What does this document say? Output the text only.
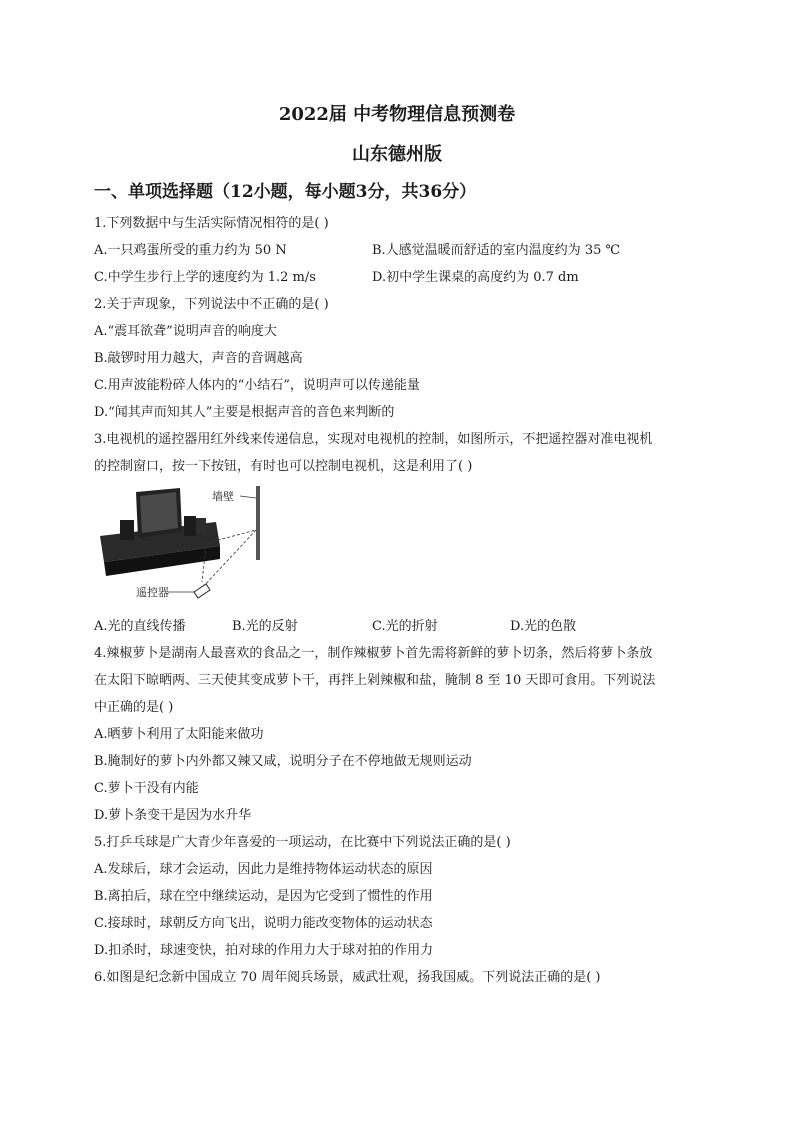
2022届 中考物理信息预测卷
山东德州版
一、单项选择题（12小题，每小题3分，共36分）
1.下列数据中与生活实际情况相符的是( )
A.一只鸡蛋所受的重力约为 50 N	B.人感觉温暖而舒适的室内温度约为 35 ℃
C.中学生步行上学的速度约为 1.2 m/s	D.初中学生课桌的高度约为 0.7 dm
2.关于声现象，下列说法中不正确的是( )
A.“震耳欲聋”说明声音的响度大
B.敲锣时用力越大，声音的音调越高
C.用声波能粉碎人体内的“小结石”，说明声可以传递能量
D.“闻其声而知其人”主要是根据声音的音色来判断的
3.电视机的遥控器用红外线来传递信息，实现对电视机的控制，如图所示，不把遥控器对准电视机
的控制窗口，按一下按钮，有时也可以控制电视机，这是利用了( )
墙壁
遥控器
A.光的直线传播	B.光的反射	C.光的折射	D.光的色散
4.辣椒萝卜是湖南人最喜欢的食品之一，制作辣椒萝卜首先需将新鲜的萝卜切条，然后将萝卜条放
在太阳下晾晒两、三天使其变成萝卜干，再拌上剁辣椒和盐，腌制 8 至 10 天即可食用。下列说法
中正确的是( )
A.晒萝卜利用了太阳能来做功
B.腌制好的萝卜内外都又辣又咸，说明分子在不停地做无规则运动
C.萝卜干没有内能
D.萝卜条变干是因为水升华
5.打乒乓球是广大青少年喜爱的一项运动，在比赛中下列说法正确的是( )
A.发球后，球才会运动，因此力是维持物体运动状态的原因
B.离拍后，球在空中继续运动，是因为它受到了惯性的作用
C.接球时，球朝反方向飞出，说明力能改变物体的运动状态
D.扣杀时，球速变快，拍对球的作用力大于球对拍的作用力
6.如图是纪念新中国成立 70 周年阅兵场景，威武壮观，扬我国威。下列说法正确的是( )
